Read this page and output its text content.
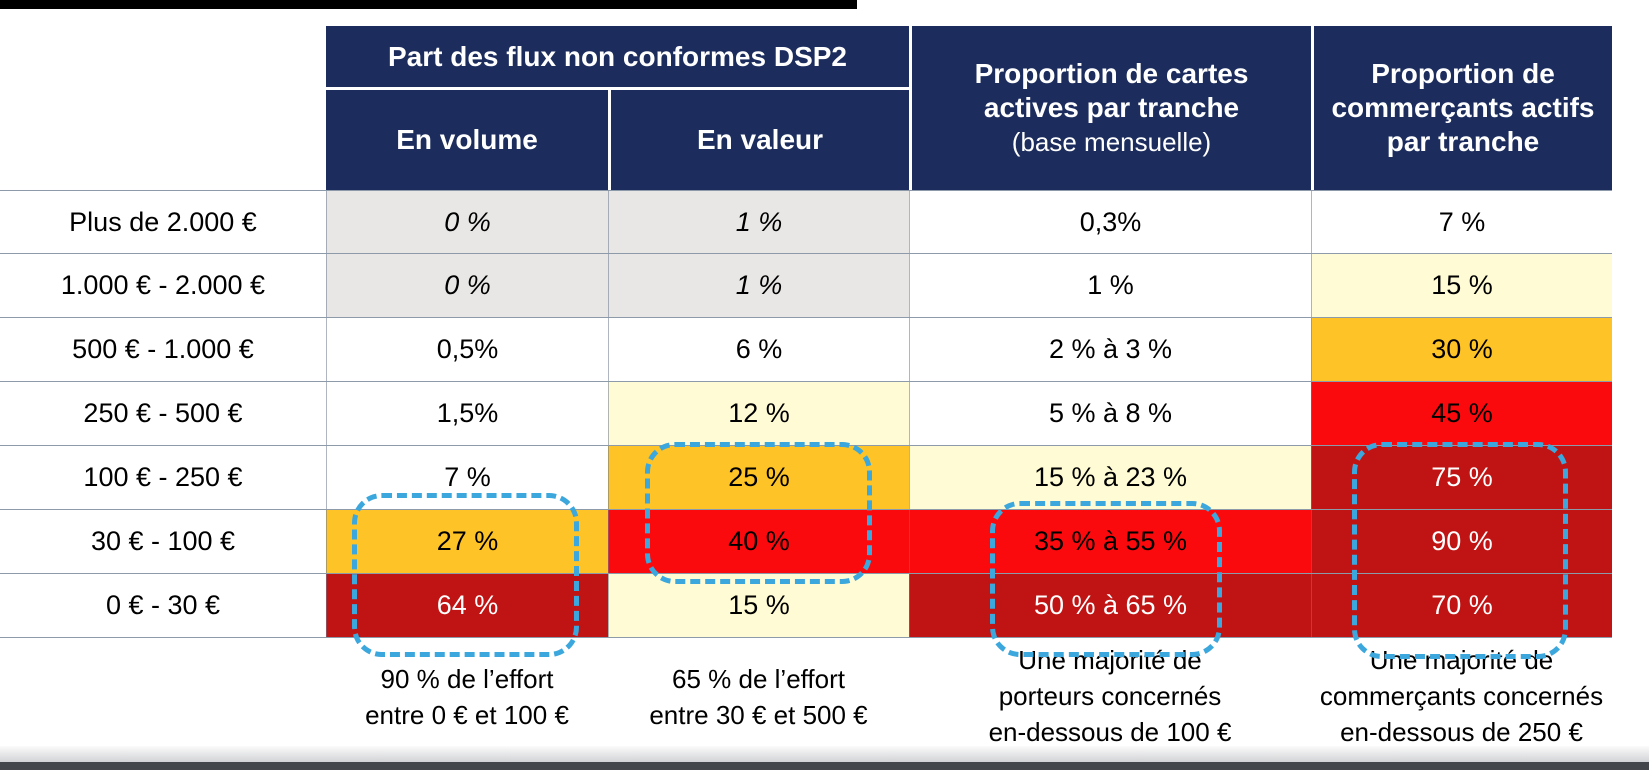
Part des flux non conformes DSP2
En volume	En valeur
Proportion de cartes
actives par tranche
(base mensuelle)
Proportion de
commerçants actifs
par tranche
Plus de 2.000 €	0 %	1 %	0,3%	7 %
1.000 € - 2.000 €	0 %	1 %	1 %	15 %
500 € - 1.000 €	0,5%	6 %	2 % à 3 %	30 %
250 € - 500 €	1,5%	12 %	5 % à 8 %	45 %
100 € - 250 €	7 %	25 %	15 % à 23 %	75 %
30 € - 100 €	27 %	40 %	35 % à 55 %	90 %
0 € - 30 €	64 %	15 %	50 % à 65 %	70 %
90 % de l’effort
entre 0 € et 100 €
65 % de l’effort
entre 30 € et 500 €
Une majorité de
porteurs concernés
en-dessous de 100 €
Une majorité de
commerçants concernés
en-dessous de 250 €
